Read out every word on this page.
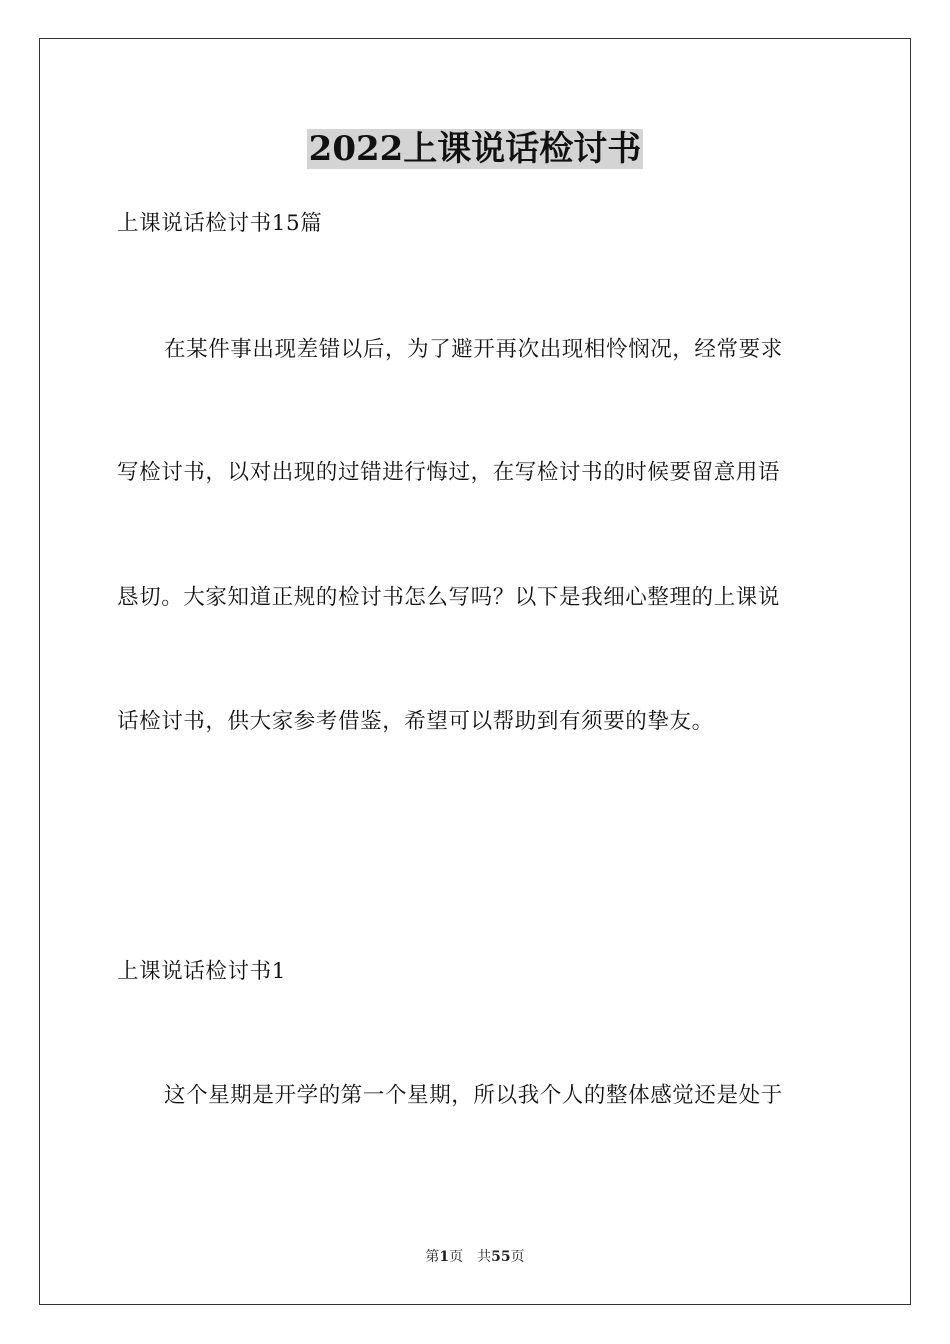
2022上课说话检讨书
上课说话检讨书15篇
在某件事出现差错以后，为了避开再次出现相怜悯况，经常要求
写检讨书，以对出现的过错进行悔过，在写检讨书的时候要留意用语
恳切。大家知道正规的检讨书怎么写吗？以下是我细心整理的上课说
话检讨书，供大家参考借鉴，希望可以帮助到有须要的挚友。
上课说话检讨书1
这个星期是开学的第一个星期，所以我个人的整体感觉还是处于
第1页 共55页
